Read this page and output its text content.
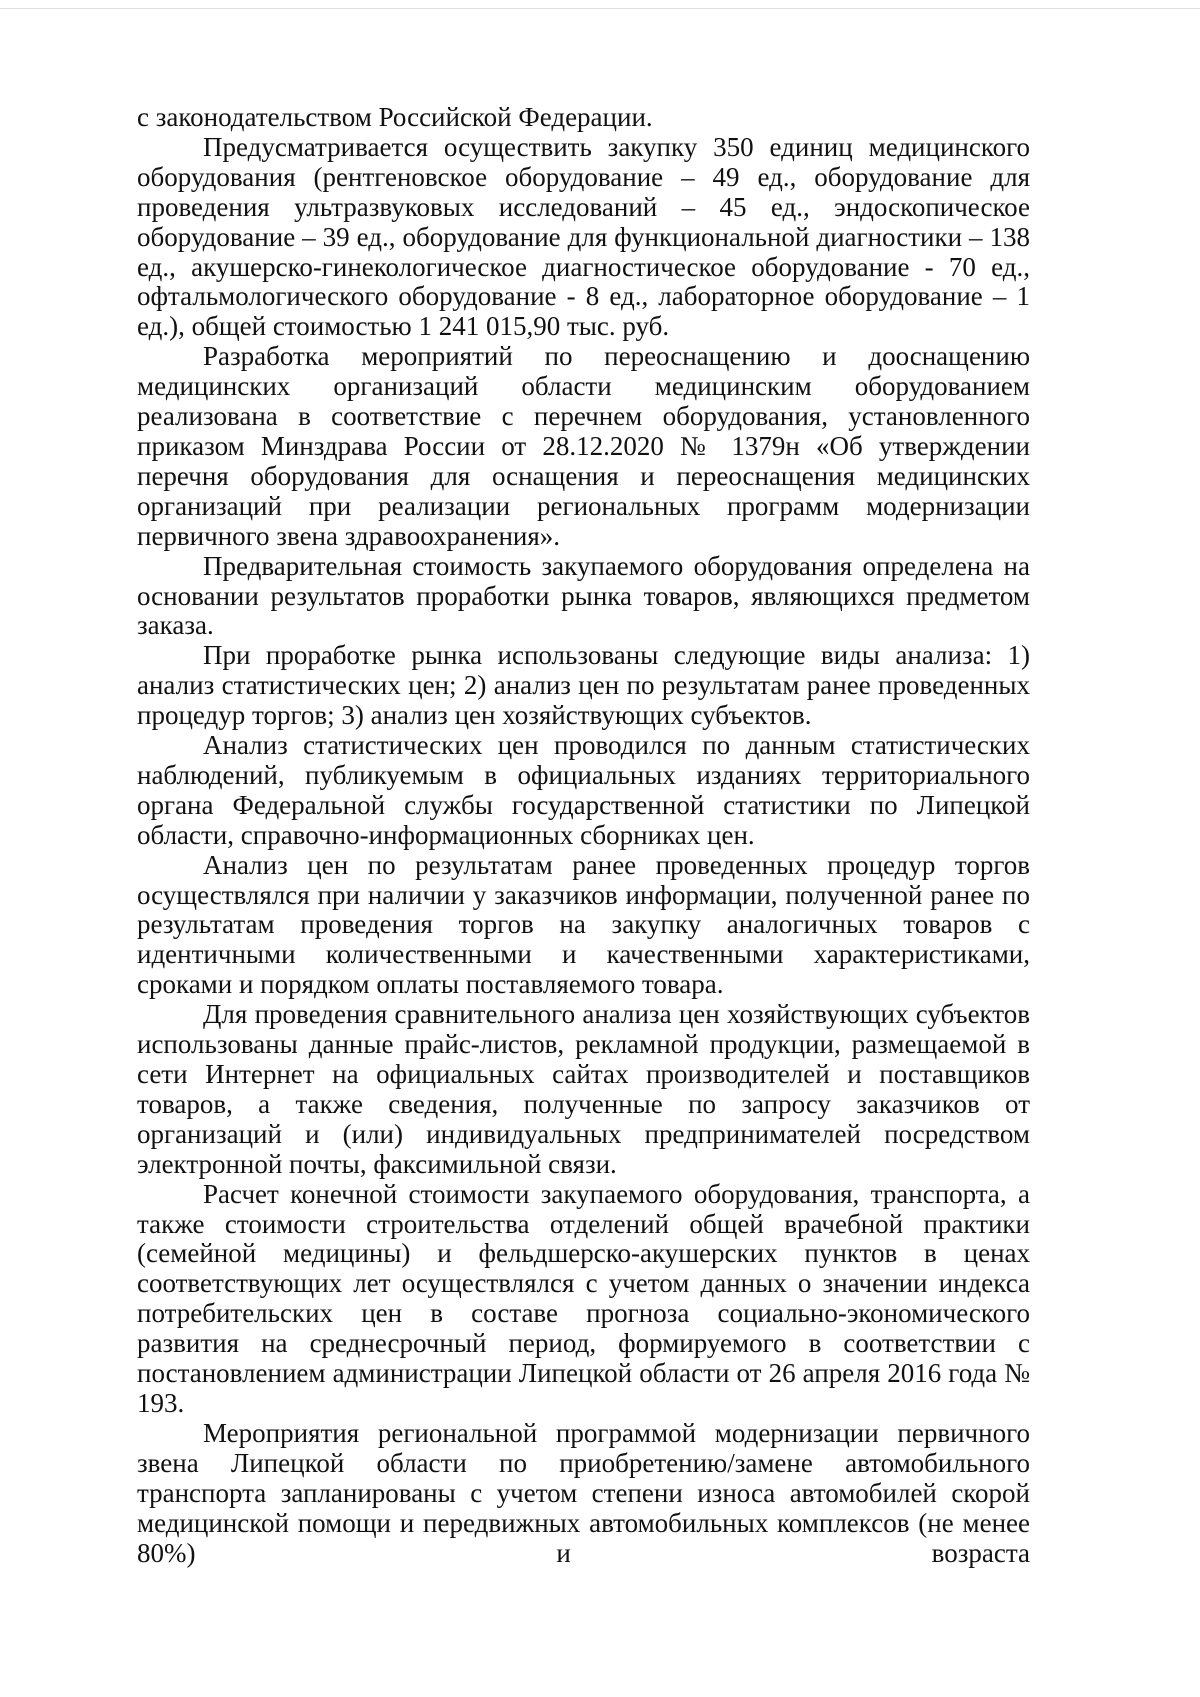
с законодательством Российской Федерации.

Предусматривается осуществить закупку 350 единиц медицинского оборудования (рентгеновское оборудование – 49 ед., оборудование для проведения ультразвуковых исследований – 45 ед., эндоскопическое оборудование – 39 ед., оборудование для функциональной диагностики – 138 ед., акушерско-гинекологическое диагностическое оборудование - 70 ед., офтальмологического оборудование - 8 ед., лабораторное оборудование – 1 ед.), общей стоимостью 1 241 015,90 тыс. руб.

Разработка мероприятий по переоснащению и дооснащению медицинских организаций области медицинским оборудованием реализована в соответствие с перечнем оборудования, установленного приказом Минздрава России от 28.12.2020 № 1379н «Об утверждении перечня оборудования для оснащения и переоснащения медицинских организаций при реализации региональных программ модернизации первичного звена здравоохранения».

Предварительная стоимость закупаемого оборудования определена на основании результатов проработки рынка товаров, являющихся предметом заказа.

При проработке рынка использованы следующие виды анализа: 1) анализ статистических цен; 2) анализ цен по результатам ранее проведенных процедур торгов; 3) анализ цен хозяйствующих субъектов.

Анализ статистических цен проводился по данным статистических наблюдений, публикуемым в официальных изданиях территориального органа Федеральной службы государственной статистики по Липецкой области, справочно-информационных сборниках цен.

Анализ цен по результатам ранее проведенных процедур торгов осуществлялся при наличии у заказчиков информации, полученной ранее по результатам проведения торгов на закупку аналогичных товаров с идентичными количественными и качественными характеристиками, сроками и порядком оплаты поставляемого товара.

Для проведения сравнительного анализа цен хозяйствующих субъектов использованы данные прайс-листов, рекламной продукции, размещаемой в сети Интернет на официальных сайтах производителей и поставщиков товаров, а также сведения, полученные по запросу заказчиков от организаций и (или) индивидуальных предпринимателей посредством электронной почты, факсимильной связи.

Расчет конечной стоимости закупаемого оборудования, транспорта, а также стоимости строительства отделений общей врачебной практики (семейной медицины) и фельдшерско-акушерских пунктов в ценах соответствующих лет осуществлялся с учетом данных о значении индекса потребительских цен в составе прогноза социально-экономического развития на среднесрочный период, формируемого в соответствии с постановлением администрации Липецкой области от 26 апреля 2016 года № 193.

Мероприятия региональной программой модернизации первичного звена Липецкой области по приобретению/замене автомобильного транспорта запланированы с учетом степени износа автомобилей скорой медицинской помощи и передвижных автомобильных комплексов (не менее 80%) и возраста
